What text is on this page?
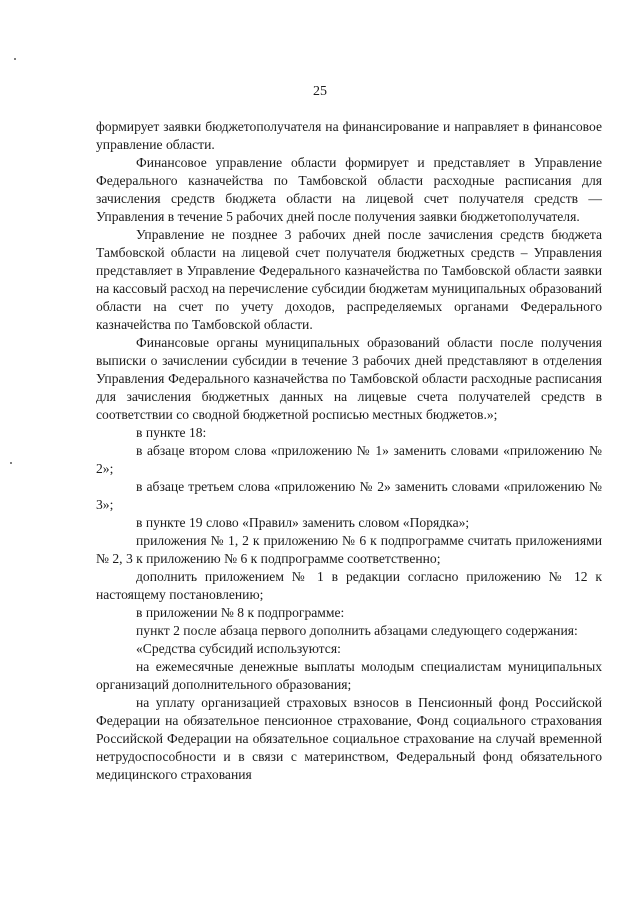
25

формирует заявки бюджетополучателя на финансирование и направляет в финансовое управление области.

Финансовое управление области формирует и представляет в Управление Федерального казначейства по Тамбовской области расходные расписания для зачисления средств бюджета области на лицевой счет получателя средств — Управления в течение 5 рабочих дней после получения заявки бюджетополучателя.

Управление не позднее 3 рабочих дней после зачисления средств бюджета Тамбовской области на лицевой счет получателя бюджетных средств – Управления представляет в Управление Федерального казначейства по Тамбовской области заявки на кассовый расход на перечисление субсидии бюджетам муниципальных образований области на счет по учету доходов, распределяемых органами Федерального казначейства по Тамбовской области.

Финансовые органы муниципальных образований области после получения выписки о зачислении субсидии в течение 3 рабочих дней представляют в отделения Управления Федерального казначейства по Тамбовской области расходные расписания для зачисления бюджетных данных на лицевые счета получателей средств в соответствии со сводной бюджетной росписью местных бюджетов.»;

в пункте 18:

в абзаце втором слова «приложению № 1» заменить словами «приложению № 2»;

в абзаце третьем слова «приложению № 2» заменить словами «приложению № 3»;

в пункте 19 слово «Правил» заменить словом «Порядка»;

приложения № 1, 2 к приложению № 6 к подпрограмме считать приложениями № 2, 3 к приложению № 6 к подпрограмме соответственно;

дополнить приложением № 1 в редакции согласно приложению № 12 к настоящему постановлению;

в приложении № 8 к подпрограмме:

пункт 2 после абзаца первого дополнить абзацами следующего содержания:

«Средства субсидий используются:

на ежемесячные денежные выплаты молодым специалистам муниципальных организаций дополнительного образования;

на уплату организацией страховых взносов в Пенсионный фонд Российской Федерации на обязательное пенсионное страхование, Фонд социального страхования Российской Федерации на обязательное социальное страхование на случай временной нетрудоспособности и в связи с материнством, Федеральный фонд обязательного медицинского страхования
